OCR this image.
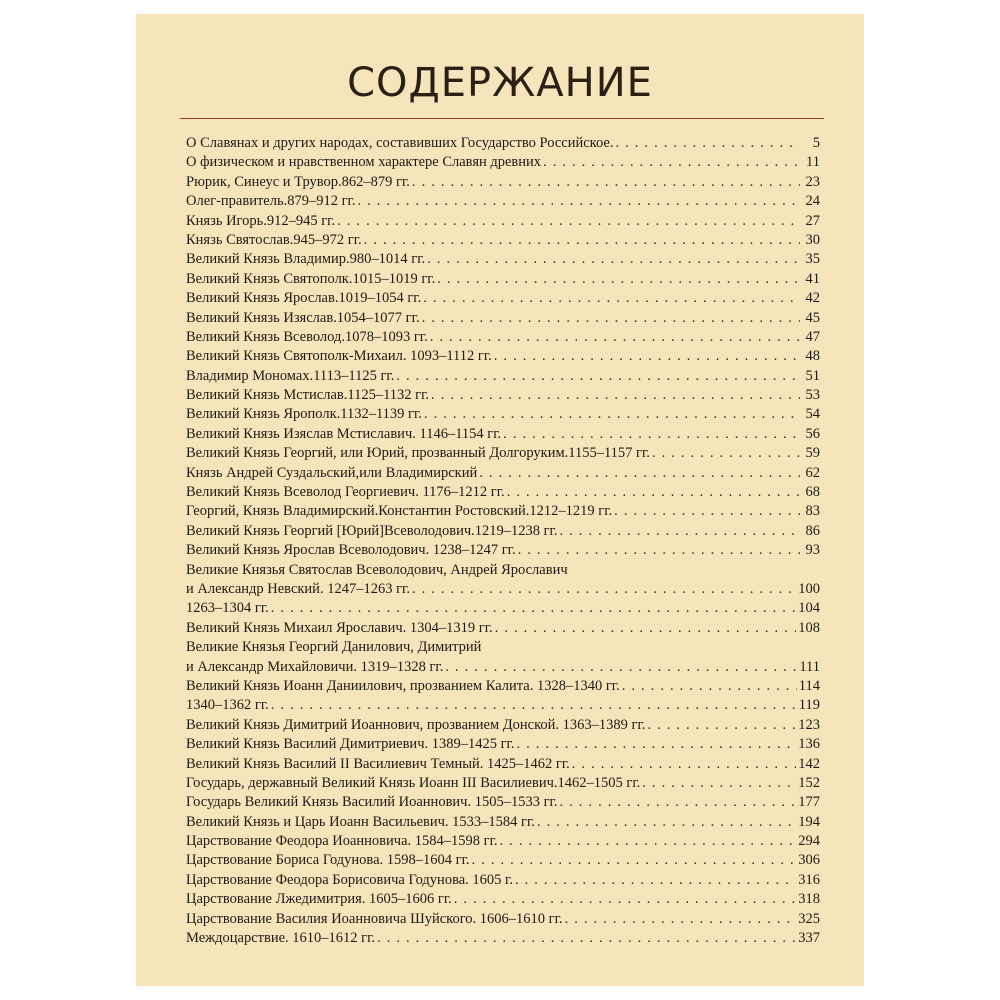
СОДЕРЖАНИЕ
О Славянах и других народах, составивших Государство Российское. . . .	5
О физическом и нравственном характере Славян древних . . .	11
Рюрик, Синеус и Трувор.862–879 гг. . . .	23
Олег-правитель.879–912 гг. . . .	24
Князь Игорь.912–945 гг. . . .	27
Князь Святослав.945–972 гг. . . .	30
Великий Князь Владимир.980–1014 гг. . . .	35
Великий Князь Святополк.1015–1019 гг. . . .	41
Великий Князь Ярослав.1019–1054 гг. . . .	42
Великий Князь Изяслав.1054–1077 гг. . . .	45
Великий Князь Всеволод.1078–1093 гг. . . .	47
Великий Князь Святополк-Михаил. 1093–1112 гг. . . .	48
Владимир Мономах.1113–1125 гг. . . .	51
Великий Князь Мстислав.1125–1132 гг. . . .	53
Великий Князь Ярополк.1132–1139 гг. . . .	54
Великий Князь Изяслав Мстиславич. 1146–1154 гг. . . .	56
Великий Князь Георгий, или Юрий, прозванный Долгоруким.1155–1157 гг. . . .	59
Князь Андрей Суздальский,или Владимирский . . .	62
Великий Князь Всеволод Георгиевич. 1176–1212 гг. . . .	68
Георгий, Князь Владимирский.Константин Ростовский.1212–1219 гг. . . .	83
Великий Князь Георгий [Юрий]Всеволодович.1219–1238 гг. . . .	86
Великий Князь Ярослав Всеволодович. 1238–1247 гг. . . .	93
Великие Князья Святослав Всеволодович, Андрей Ярославич
и Александр Невский. 1247–1263 гг. . . .	100
1263–1304 гг. . . .	104
Великий Князь Михаил Ярославич. 1304–1319 гг. . . .	108
Великие Князья Георгий Данилович, Димитрий
и Александр Михайловичи. 1319–1328 гг. . . .	111
Великий Князь Иоанн Даниилович, прозванием Калита. 1328–1340 гг. . . .	114
1340–1362 гг. . . .	119
Великий Князь Димитрий Иоаннович, прозванием Донской. 1363–1389 гг. . . .	123
Великий Князь Василий Димитриевич. 1389–1425 гг. . . .	136
Великий Князь Василий II Василиевич Темный. 1425–1462 гг. . . .	142
Государь, державный Великий Князь Иоанн III Василиевич.1462–1505 гг. . . .	152
Государь Великий Князь Василий Иоаннович. 1505–1533 гг. . . .	177
Великий Князь и Царь Иоанн Васильевич. 1533–1584 гг. . . .	194
Царствование Феодора Иоанновича. 1584–1598 гг. . . .	294
Царствование Бориса Годунова. 1598–1604 гг. . . .	306
Царствование Феодора Борисовича Годунова. 1605 г. . . .	316
Царствование Лжедимитрия. 1605–1606 гг. . . .	318
Царствование Василия Иоанновича Шуйского. 1606–1610 гг. . . .	325
Междоцарствие. 1610–1612 гг. . . .	337
